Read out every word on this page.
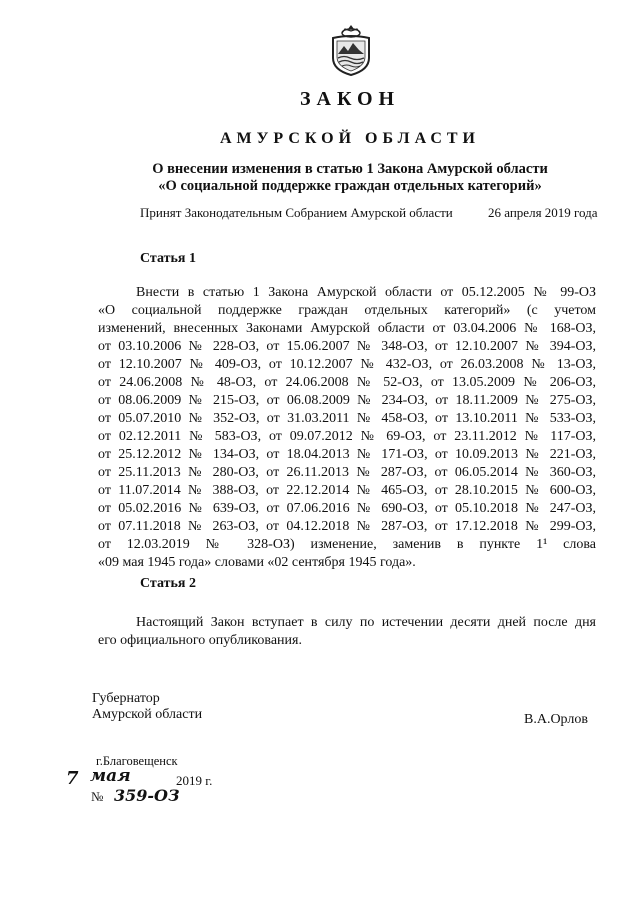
ЗАКОН
АМУРСКОЙ ОБЛАСТИ
О внесении изменения в статью 1 Закона Амурской области
«О социальной поддержке граждан отдельных категорий»
Принят Законодательным Собранием Амурской области	26 апреля 2019 года
Статья 1
Внести в статью 1 Закона Амурской области от 05.12.2005 № 99-ОЗ
«О социальной поддержке граждан отдельных категорий» (с учетом
изменений, внесенных Законами Амурской области от 03.04.2006 № 168-ОЗ,
от 03.10.2006 № 228-ОЗ, от 15.06.2007 № 348-ОЗ, от 12.10.2007 № 394-ОЗ,
от 12.10.2007 № 409-ОЗ, от 10.12.2007 № 432-ОЗ, от 26.03.2008 № 13-ОЗ,
от 24.06.2008 № 48-ОЗ, от 24.06.2008 № 52-ОЗ, от 13.05.2009 № 206-ОЗ,
от 08.06.2009 № 215-ОЗ, от 06.08.2009 № 234-ОЗ, от 18.11.2009 № 275-ОЗ,
от 05.07.2010 № 352-ОЗ, от 31.03.2011 № 458-ОЗ, от 13.10.2011 № 533-ОЗ,
от 02.12.2011 № 583-ОЗ, от 09.07.2012 № 69-ОЗ, от 23.11.2012 № 117-ОЗ,
от 25.12.2012 № 134-ОЗ, от 18.04.2013 № 171-ОЗ, от 10.09.2013 № 221-ОЗ,
от 25.11.2013 № 280-ОЗ, от 26.11.2013 № 287-ОЗ, от 06.05.2014 № 360-ОЗ,
от 11.07.2014 № 388-ОЗ, от 22.12.2014 № 465-ОЗ, от 28.10.2015 № 600-ОЗ,
от 05.02.2016 № 639-ОЗ, от 07.06.2016 № 690-ОЗ, от 05.10.2018 № 247-ОЗ,
от 07.11.2018 № 263-ОЗ, от 04.12.2018 № 287-ОЗ, от 17.12.2018 № 299-ОЗ,
от 12.03.2019 № 328-ОЗ) изменение, заменив в пункте 1¹ слова
«09 мая 1945 года» словами «02 сентября 1945 года».
Статья 2
Настоящий Закон вступает в силу по истечении десяти дней после дня
его официального опубликования.
Губернатор
Амурской области	В.А.Орлов
г.Благовещенск
7 мая	2019 г.
№ 359-ОЗ
